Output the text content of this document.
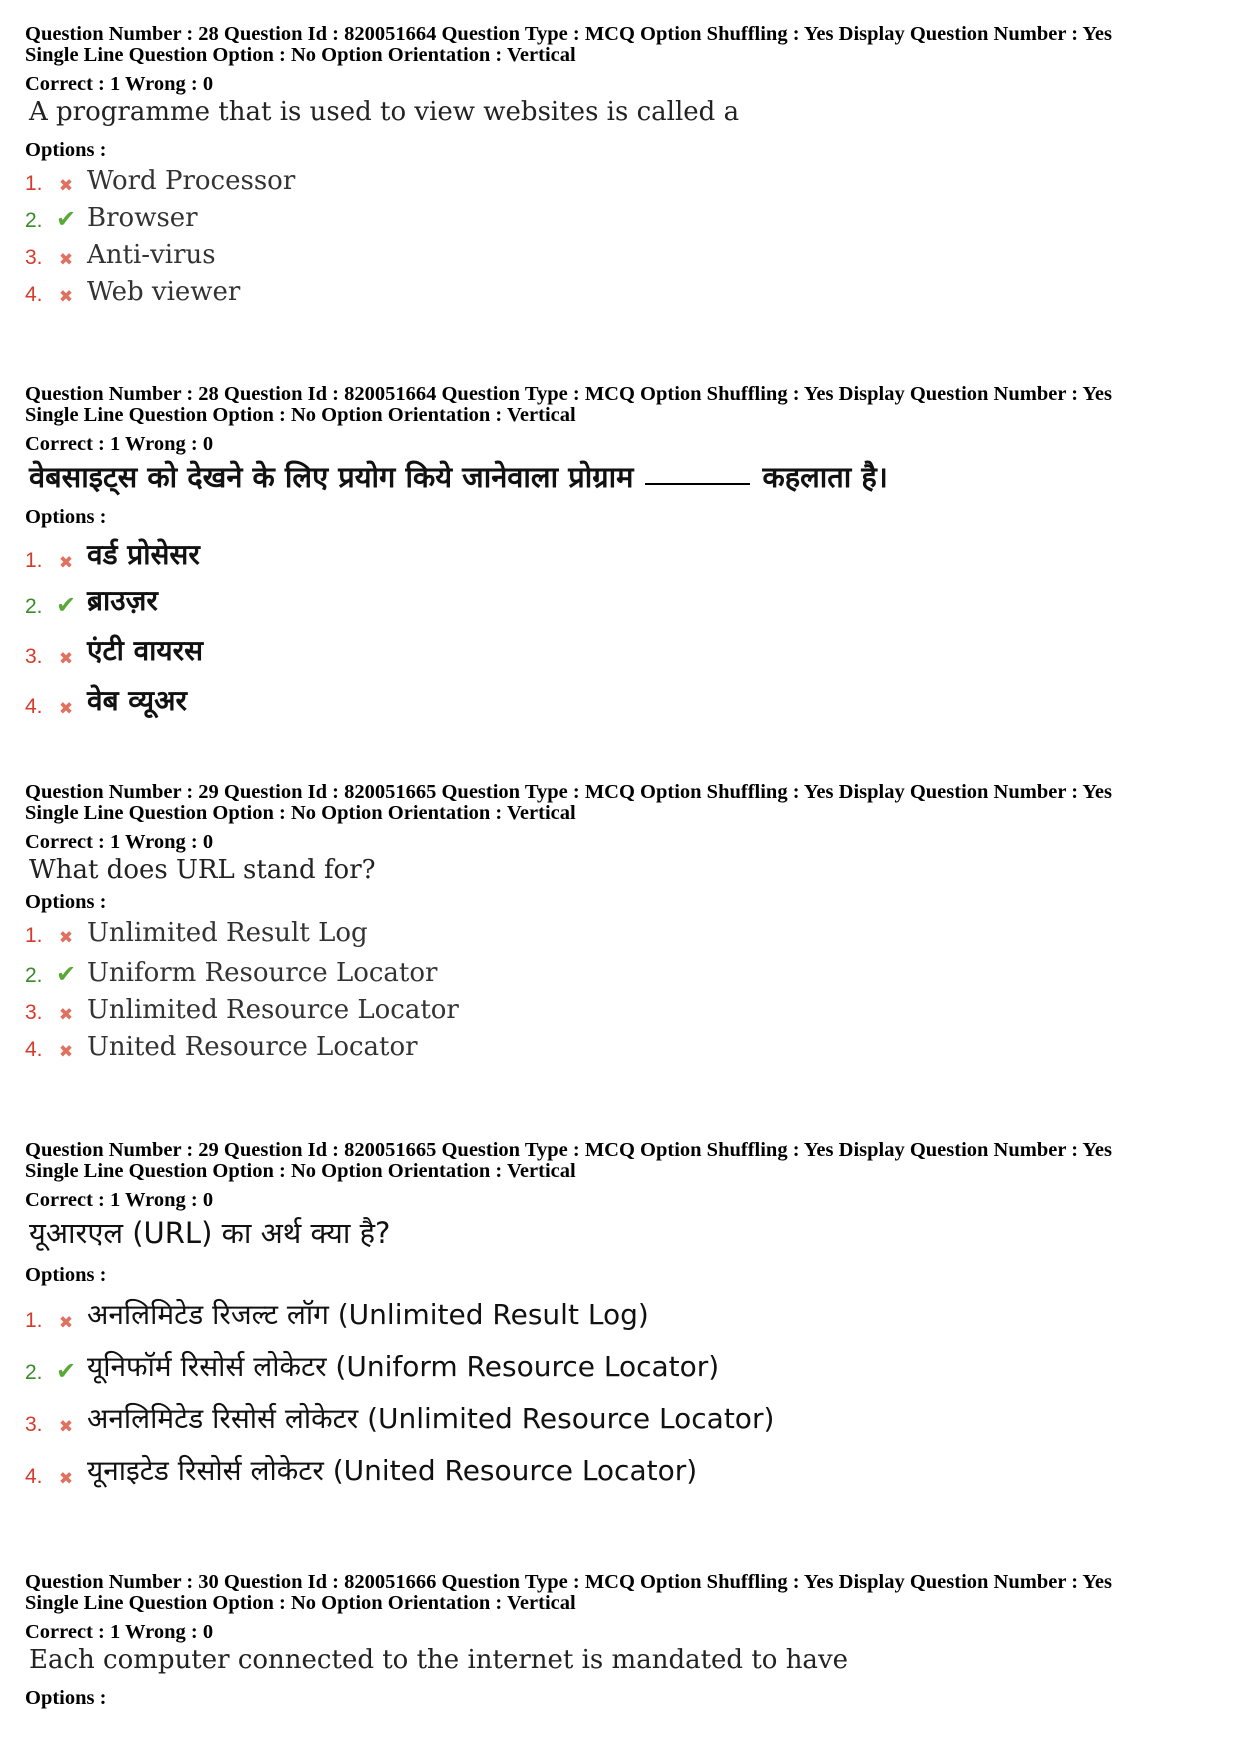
Question Number : 28 Question Id : 820051664 Question Type : MCQ Option Shuffling : Yes Display Question Number : Yes
Single Line Question Option : No Option Orientation : Vertical
Correct : 1 Wrong : 0
A programme that is used to view websites is called a
Options :
1. ✖ Word Processor
2. ✔ Browser
3. ✖ Anti-virus
4. ✖ Web viewer
Question Number : 28 Question Id : 820051664 Question Type : MCQ Option Shuffling : Yes Display Question Number : Yes
Single Line Question Option : No Option Orientation : Vertical
Correct : 1 Wrong : 0
वेबसाइट्स को देखने के लिए प्रयोग किये जानेवाला प्रोग्राम	कहलाता है।
Options :
1. ✖ वर्ड प्रोसेसर
2. ✔ ब्राउज़र
3. ✖ एंटी वायरस
4. ✖ वेब व्यूअर
Question Number : 29 Question Id : 820051665 Question Type : MCQ Option Shuffling : Yes Display Question Number : Yes
Single Line Question Option : No Option Orientation : Vertical
Correct : 1 Wrong : 0
What does URL stand for?
Options :
1. ✖ Unlimited Result Log
2. ✔ Uniform Resource Locator
3. ✖ Unlimited Resource Locator
4. ✖ United Resource Locator
Question Number : 29 Question Id : 820051665 Question Type : MCQ Option Shuffling : Yes Display Question Number : Yes
Single Line Question Option : No Option Orientation : Vertical
Correct : 1 Wrong : 0
यूआरएल (URL) का अर्थ क्या है?
Options :
1. ✖ अनलिमिटेड रिजल्ट लॉग (Unlimited Result Log)
2. ✔ यूनिफॉर्म रिसोर्स लोकेटर (Uniform Resource Locator)
3. ✖ अनलिमिटेड रिसोर्स लोकेटर (Unlimited Resource Locator)
4. ✖ यूनाइटेड रिसोर्स लोकेटर (United Resource Locator)
Question Number : 30 Question Id : 820051666 Question Type : MCQ Option Shuffling : Yes Display Question Number : Yes
Single Line Question Option : No Option Orientation : Vertical
Correct : 1 Wrong : 0
Each computer connected to the internet is mandated to have
Options :
